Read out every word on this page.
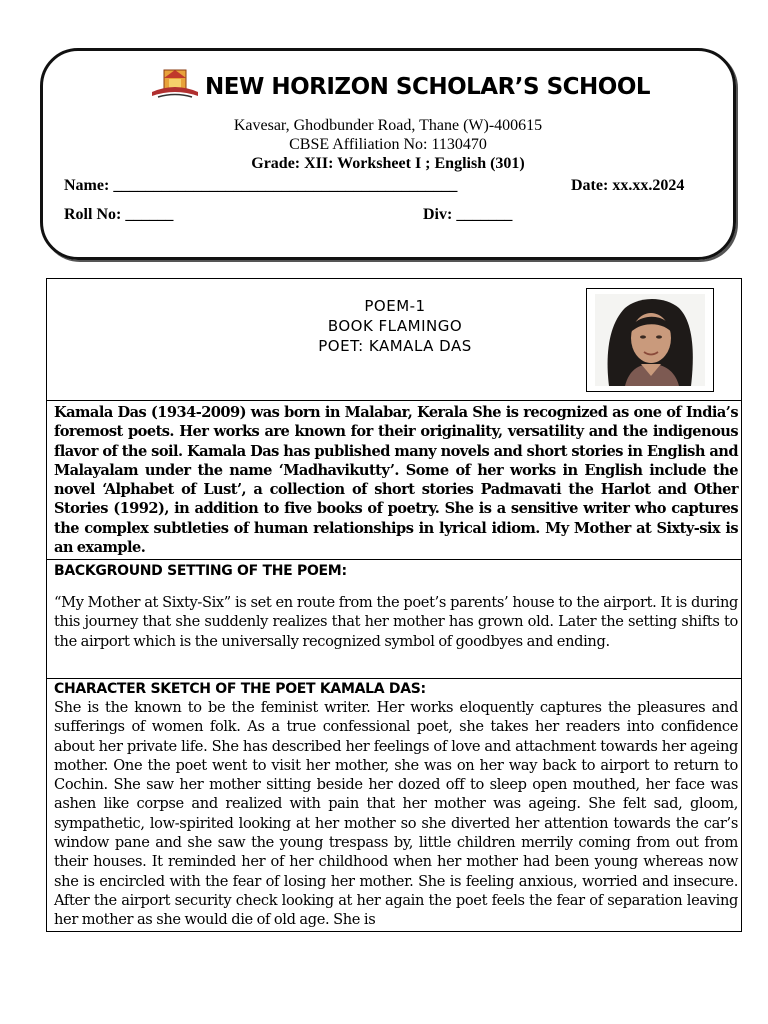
NEW HORIZON SCHOLAR’S SCHOOL
Kavesar, Ghodbunder Road, Thane (W)-400615
CBSE Affiliation No: 1130470
Grade: XII: Worksheet I ; English (301)
Name: ___________________________________________	Date: xx.xx.2024
Roll No: ______	Div: _______
POEM-1
BOOK FLAMINGO
POET: KAMALA DAS

Kamala Das (1934-2009) was born in Malabar, Kerala She is recognized as one of India’s foremost poets. Her works are known for their originality, versatility and the indigenous flavor of the soil. Kamala Das has published many novels and short stories in English and Malayalam under the name ‘Madhavikutty’. Some of her works in English include the novel ‘Alphabet of Lust’, a collection of short stories Padmavati the Harlot and Other Stories (1992), in addition to five books of poetry. She is a sensitive writer who captures the complex subtleties of human relationships in lyrical idiom. My Mother at Sixty-six is an example.

BACKGROUND SETTING OF THE POEM:

“My Mother at Sixty-Six” is set en route from the poet’s parents’ house to the airport. It is during this journey that she suddenly realizes that her mother has grown old. Later the setting shifts to the airport which is the universally recognized symbol of goodbyes and ending.

CHARACTER SKETCH OF THE POET KAMALA DAS:

She is the known to be the feminist writer. Her works eloquently captures the pleasures and sufferings of women folk. As a true confessional poet, she takes her readers into confidence about her private life. She has described her feelings of love and attachment towards her ageing mother. One the poet went to visit her mother, she was on her way back to airport to return to Cochin. She saw her mother sitting beside her dozed off to sleep open mouthed, her face was ashen like corpse and realized with pain that her mother was ageing. She felt sad, gloom, sympathetic, low-spirited looking at her mother so she diverted her attention towards the car’s window pane and she saw the young trespass by, little children merrily coming from out from their houses. It reminded her of her childhood when her mother had been young whereas now she is encircled with the fear of losing her mother. She is feeling anxious, worried and insecure. After the airport security check looking at her again the poet feels the fear of separation leaving her mother as she would die of old age. She is
